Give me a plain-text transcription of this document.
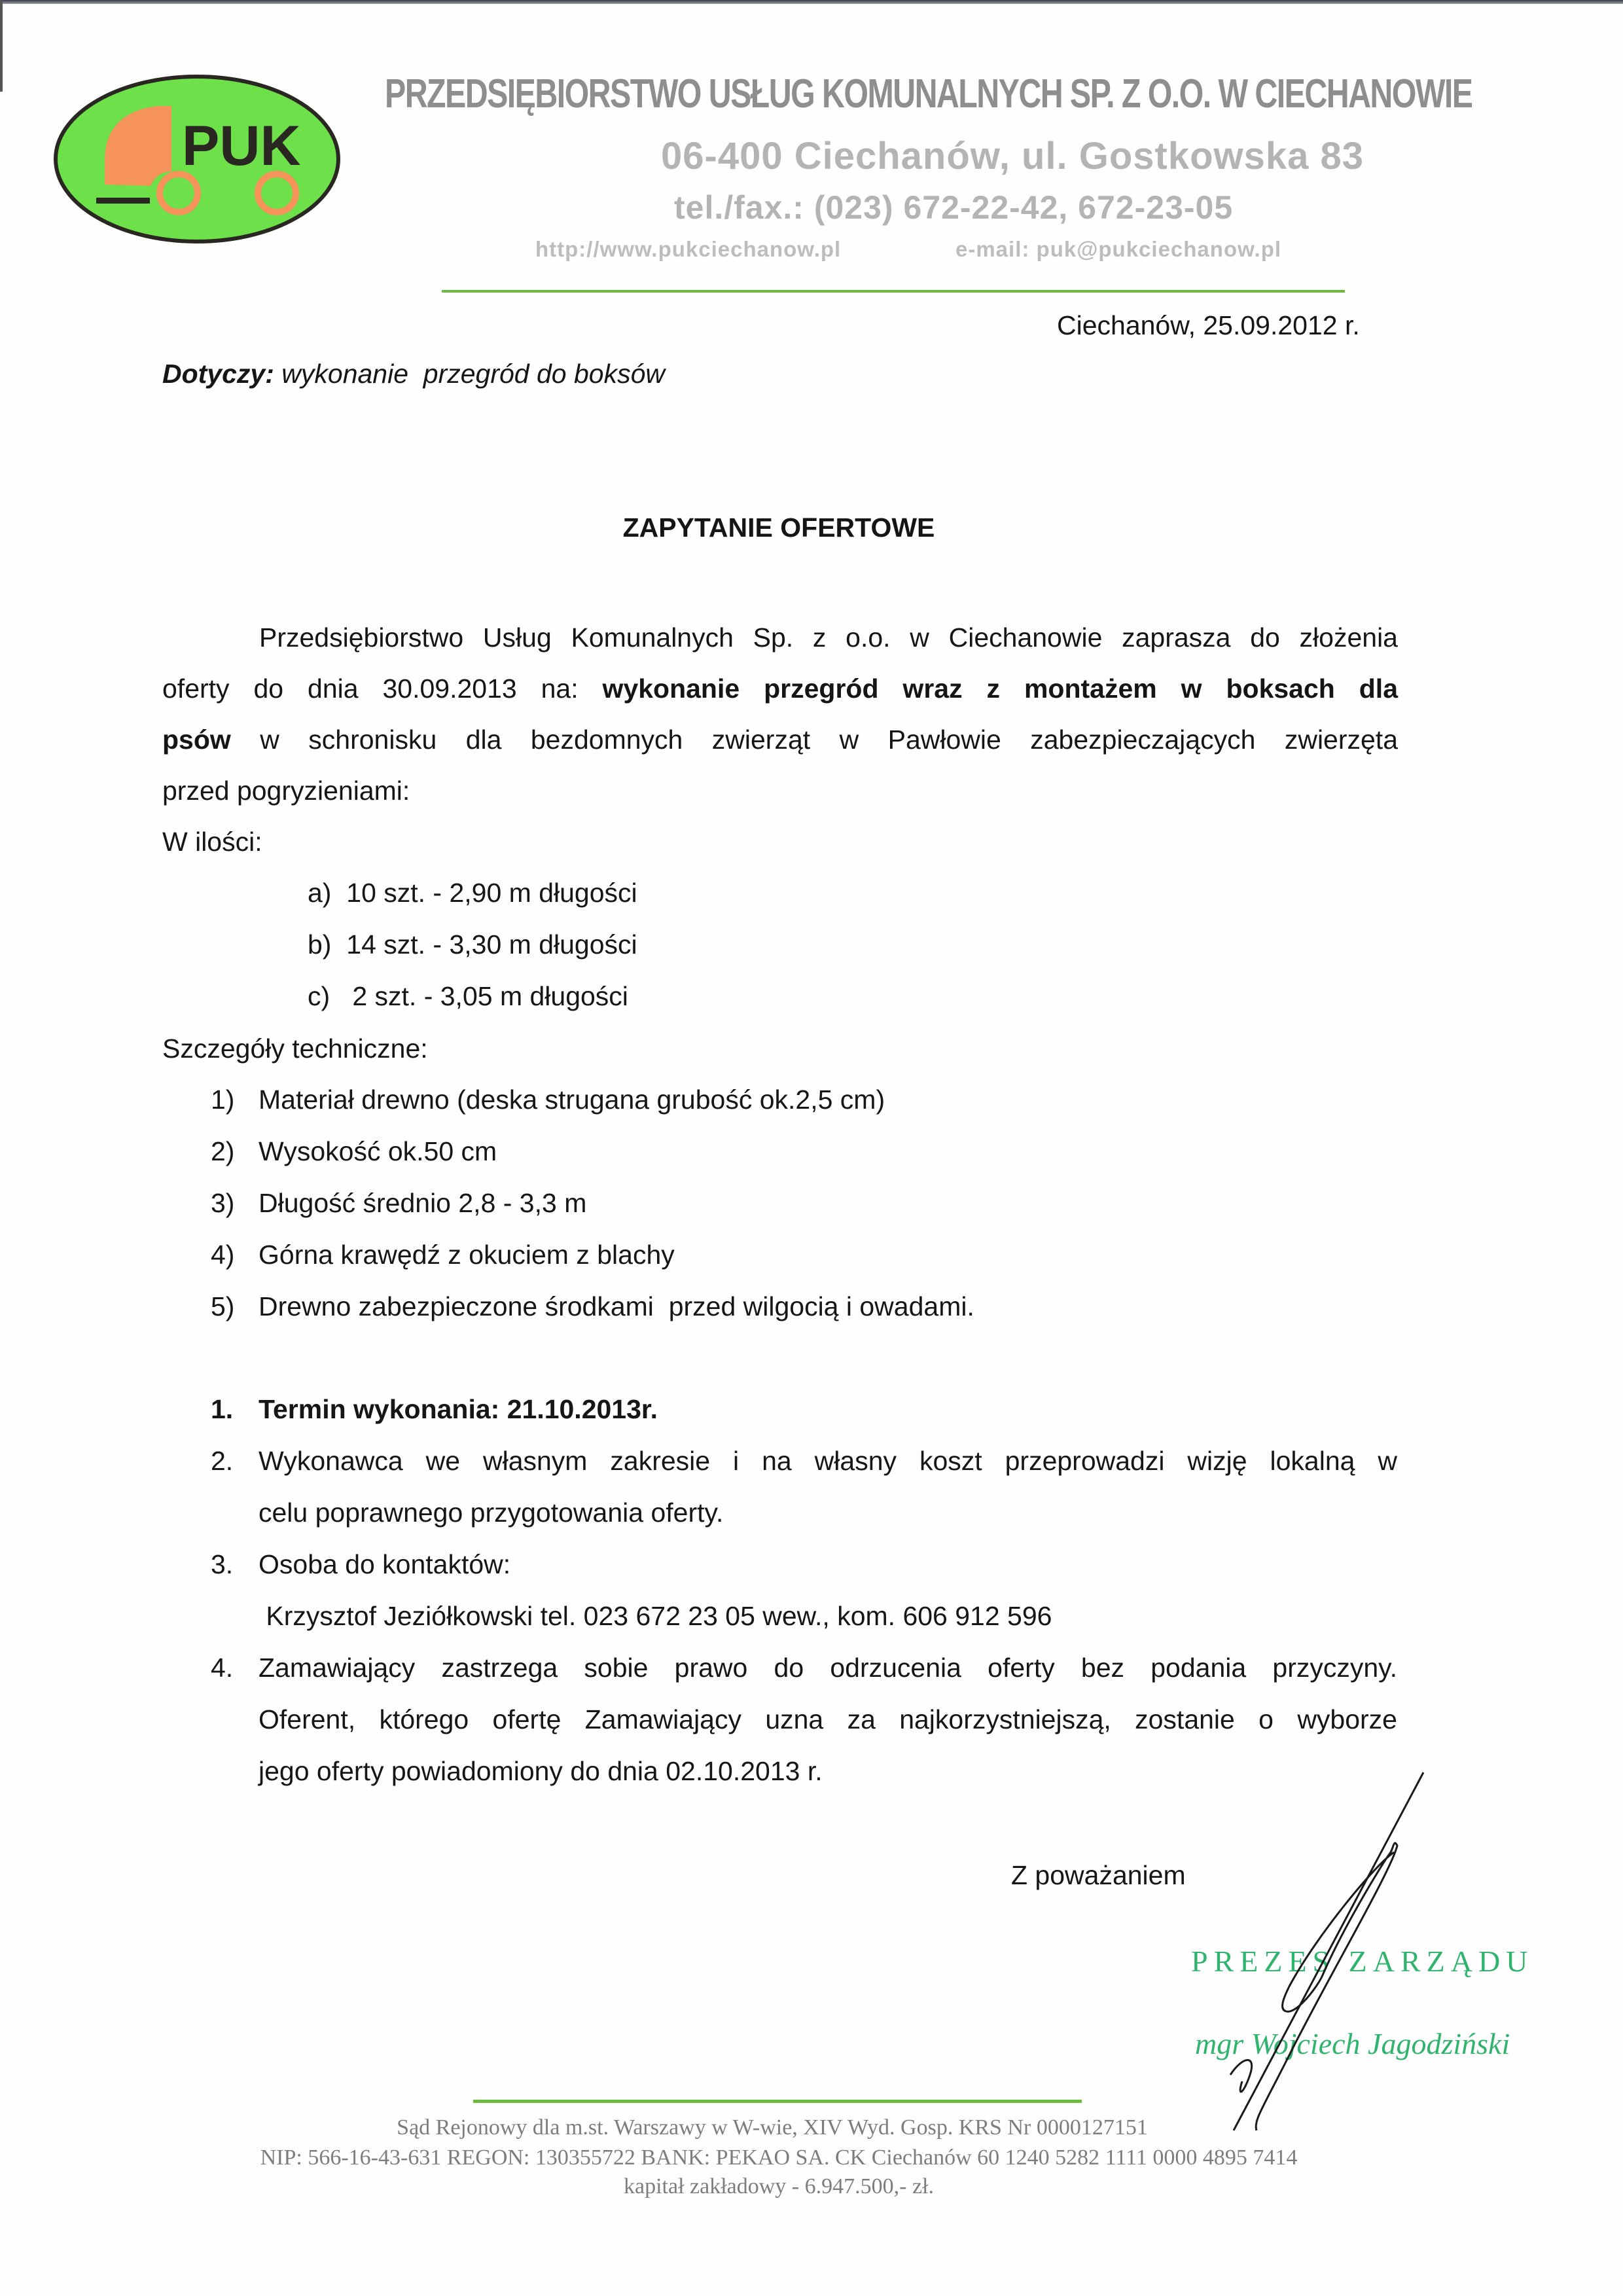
PUK
PRZEDSIĘBIORSTWO USŁUG KOMUNALNYCH SP. Z O.O. W CIECHANOWIE
06-400 Ciechanów, ul. Gostkowska 83
tel./fax.: (023) 672-22-42, 672-23-05
http://www.pukciechanow.pl	e-mail: puk@pukciechanow.pl
Ciechanów, 25.09.2012 r.
Dotyczy: wykonanie  przegród do boksów
ZAPYTANIE OFERTOWE
Przedsiębiorstwo Usług Komunalnych Sp. z o.o. w Ciechanowie zaprasza do złożenia
oferty do dnia 30.09.2013 na: wykonanie przegród wraz z montażem w boksach dla
psów w schronisku dla bezdomnych zwierząt w Pawłowie zabezpieczających zwierzęta
przed pogryzieniami:
W ilości:
a) 10 szt. - 2,90 m długości
b) 14 szt. - 3,30 m długości
c)   2 szt. - 3,05 m długości
Szczegóły techniczne:
1) Materiał drewno (deska strugana grubość ok.2,5 cm)
2) Wysokość ok.50 cm
3) Długość średnio 2,8 - 3,3 m
4) Górna krawędź z okuciem z blachy
5) Drewno zabezpieczone środkami  przed wilgocią i owadami.
1. Termin wykonania: 21.10.2013r.
2. Wykonawca we własnym zakresie i na własny koszt przeprowadzi wizję lokalną w
celu poprawnego przygotowania oferty.
3. Osoba do kontaktów:
Krzysztof Jeziółkowski tel. 023 672 23 05 wew., kom. 606 912 596
4. Zamawiający zastrzega sobie prawo do odrzucenia oferty bez podania przyczyny.
Oferent, którego ofertę Zamawiający uzna za najkorzystniejszą, zostanie o wyborze
jego oferty powiadomiony do dnia 02.10.2013 r.
Z poważaniem
PREZES ZARZĄDU
mgr Wojciech Jagodziński
Sąd Rejonowy dla m.st. Warszawy w W-wie, XIV Wyd. Gosp. KRS Nr 0000127151
NIP: 566-16-43-631 REGON: 130355722 BANK: PEKAO SA. CK Ciechanów 60 1240 5282 1111 0000 4895 7414
kapitał zakładowy - 6.947.500,- zł.
